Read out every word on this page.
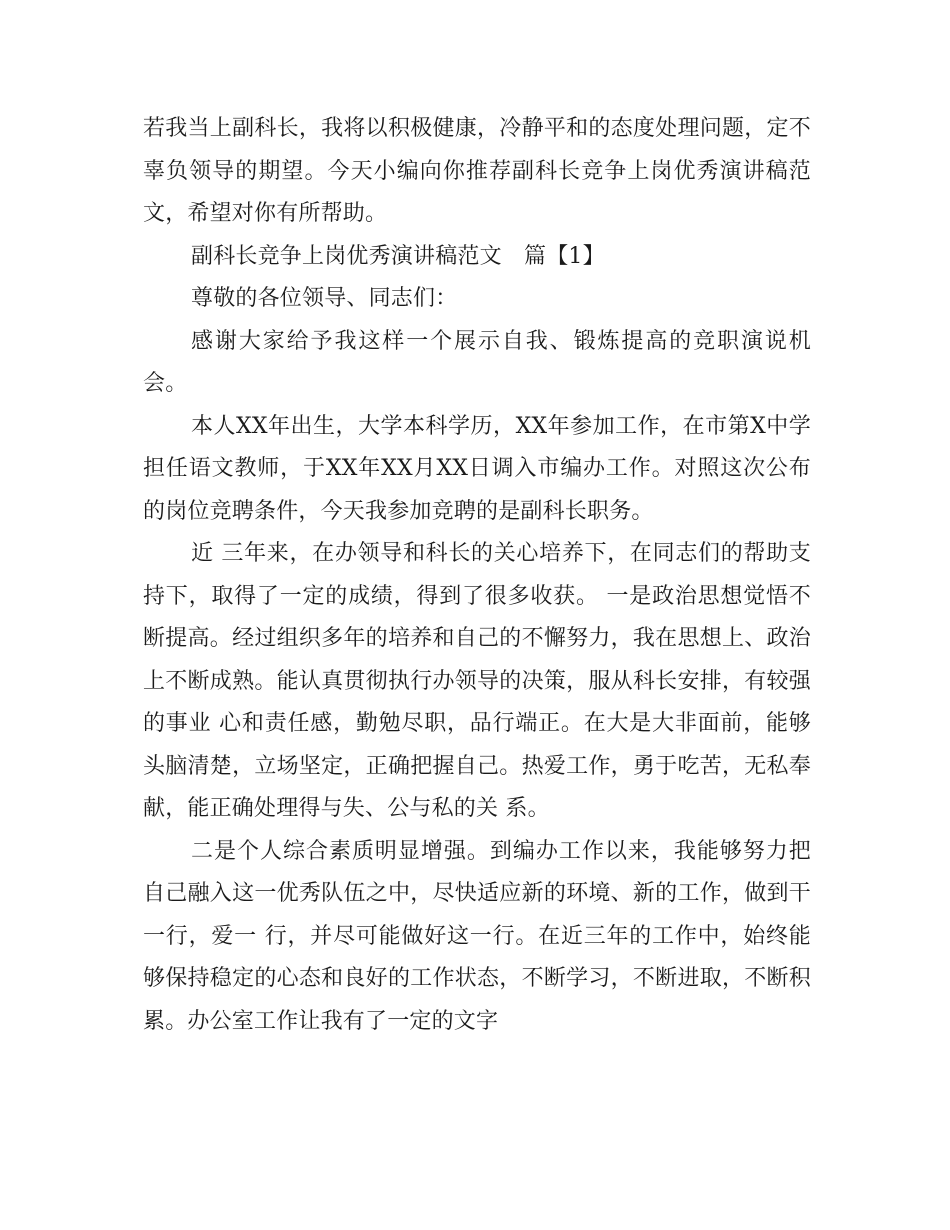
若我当上副科长，我将以积极健康，冷静平和的态度处理问题，定不辜负领导的期望。今天小编向你推荐副科长竞争上岗优秀演讲稿范文，希望对你有所帮助。

副科长竞争上岗优秀演讲稿范文　篇【1】

尊敬的各位领导、同志们：

感谢大家给予我这样一个展示自我、锻炼提高的竞职演说机会。

本人XX年出生，大学本科学历，XX年参加工作，在市第X中学担任语文教师，于XX年XX月XX日调入市编办工作。对照这次公布的岗位竞聘条件，今天我参加竞聘的是副科长职务。

近 三年来，在办领导和科长的关心培养下，在同志们的帮助支持下，取得了一定的成绩，得到了很多收获。 一是政治思想觉悟不断提高。经过组织多年的培养和自己的不懈努力，我在思想上、政治上不断成熟。能认真贯彻执行办领导的决策，服从科长安排，有较强的事业 心和责任感，勤勉尽职，品行端正。在大是大非面前，能够头脑清楚，立场坚定，正确把握自己。热爱工作，勇于吃苦，无私奉献，能正确处理得与失、公与私的关 系。

二是个人综合素质明显增强。到编办工作以来，我能够努力把自己融入这一优秀队伍之中，尽快适应新的环境、新的工作，做到干一行，爱一 行，并尽可能做好这一行。在近三年的工作中，始终能够保持稳定的心态和良好的工作状态，不断学习，不断进取，不断积累。办公室工作让我有了一定的文字
